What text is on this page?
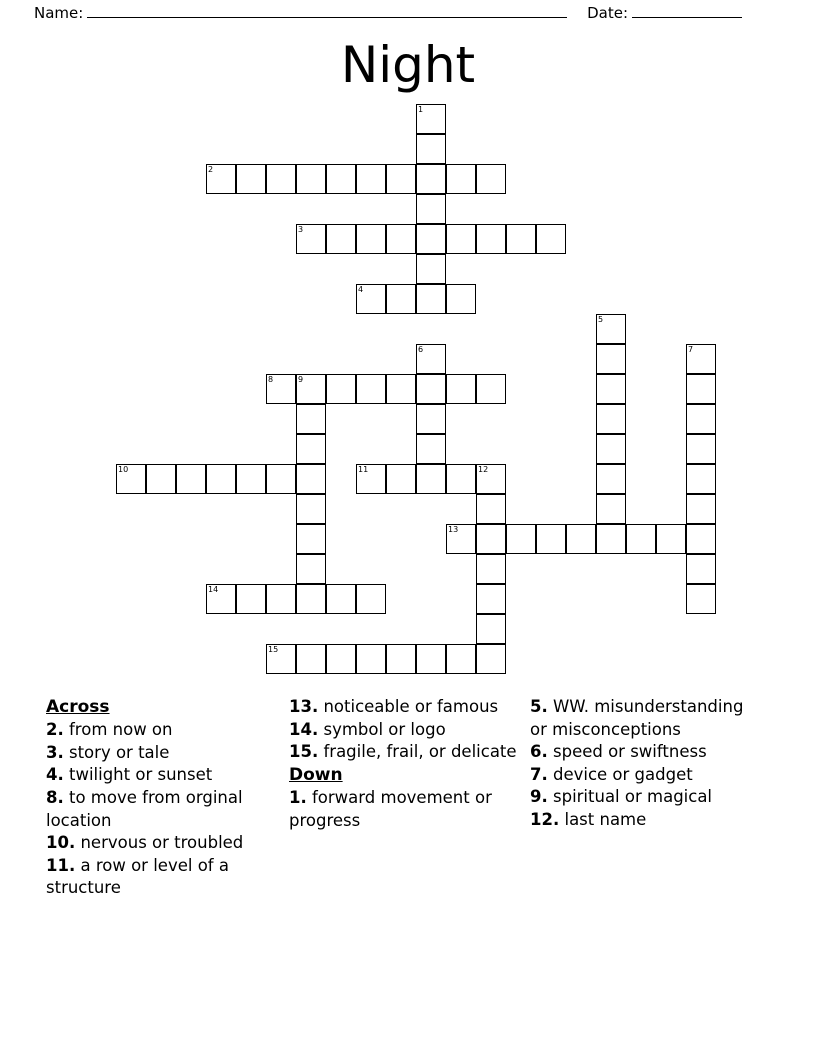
Name:	Date:
Night
1
2
3
4
5
6	7
8	9
10	11	12
13
14
15
Across
2. from now on
3. story or tale
4. twilight or sunset
8. to move from orginal location
10. nervous or troubled
11. a row or level of a structure
13. noticeable or famous
14. symbol or logo
15. fragile, frail, or delicate
Down
1. forward movement or progress
5. WW. misunderstanding or misconceptions
6. speed or swiftness
7. device or gadget
9. spiritual or magical
12. last name
